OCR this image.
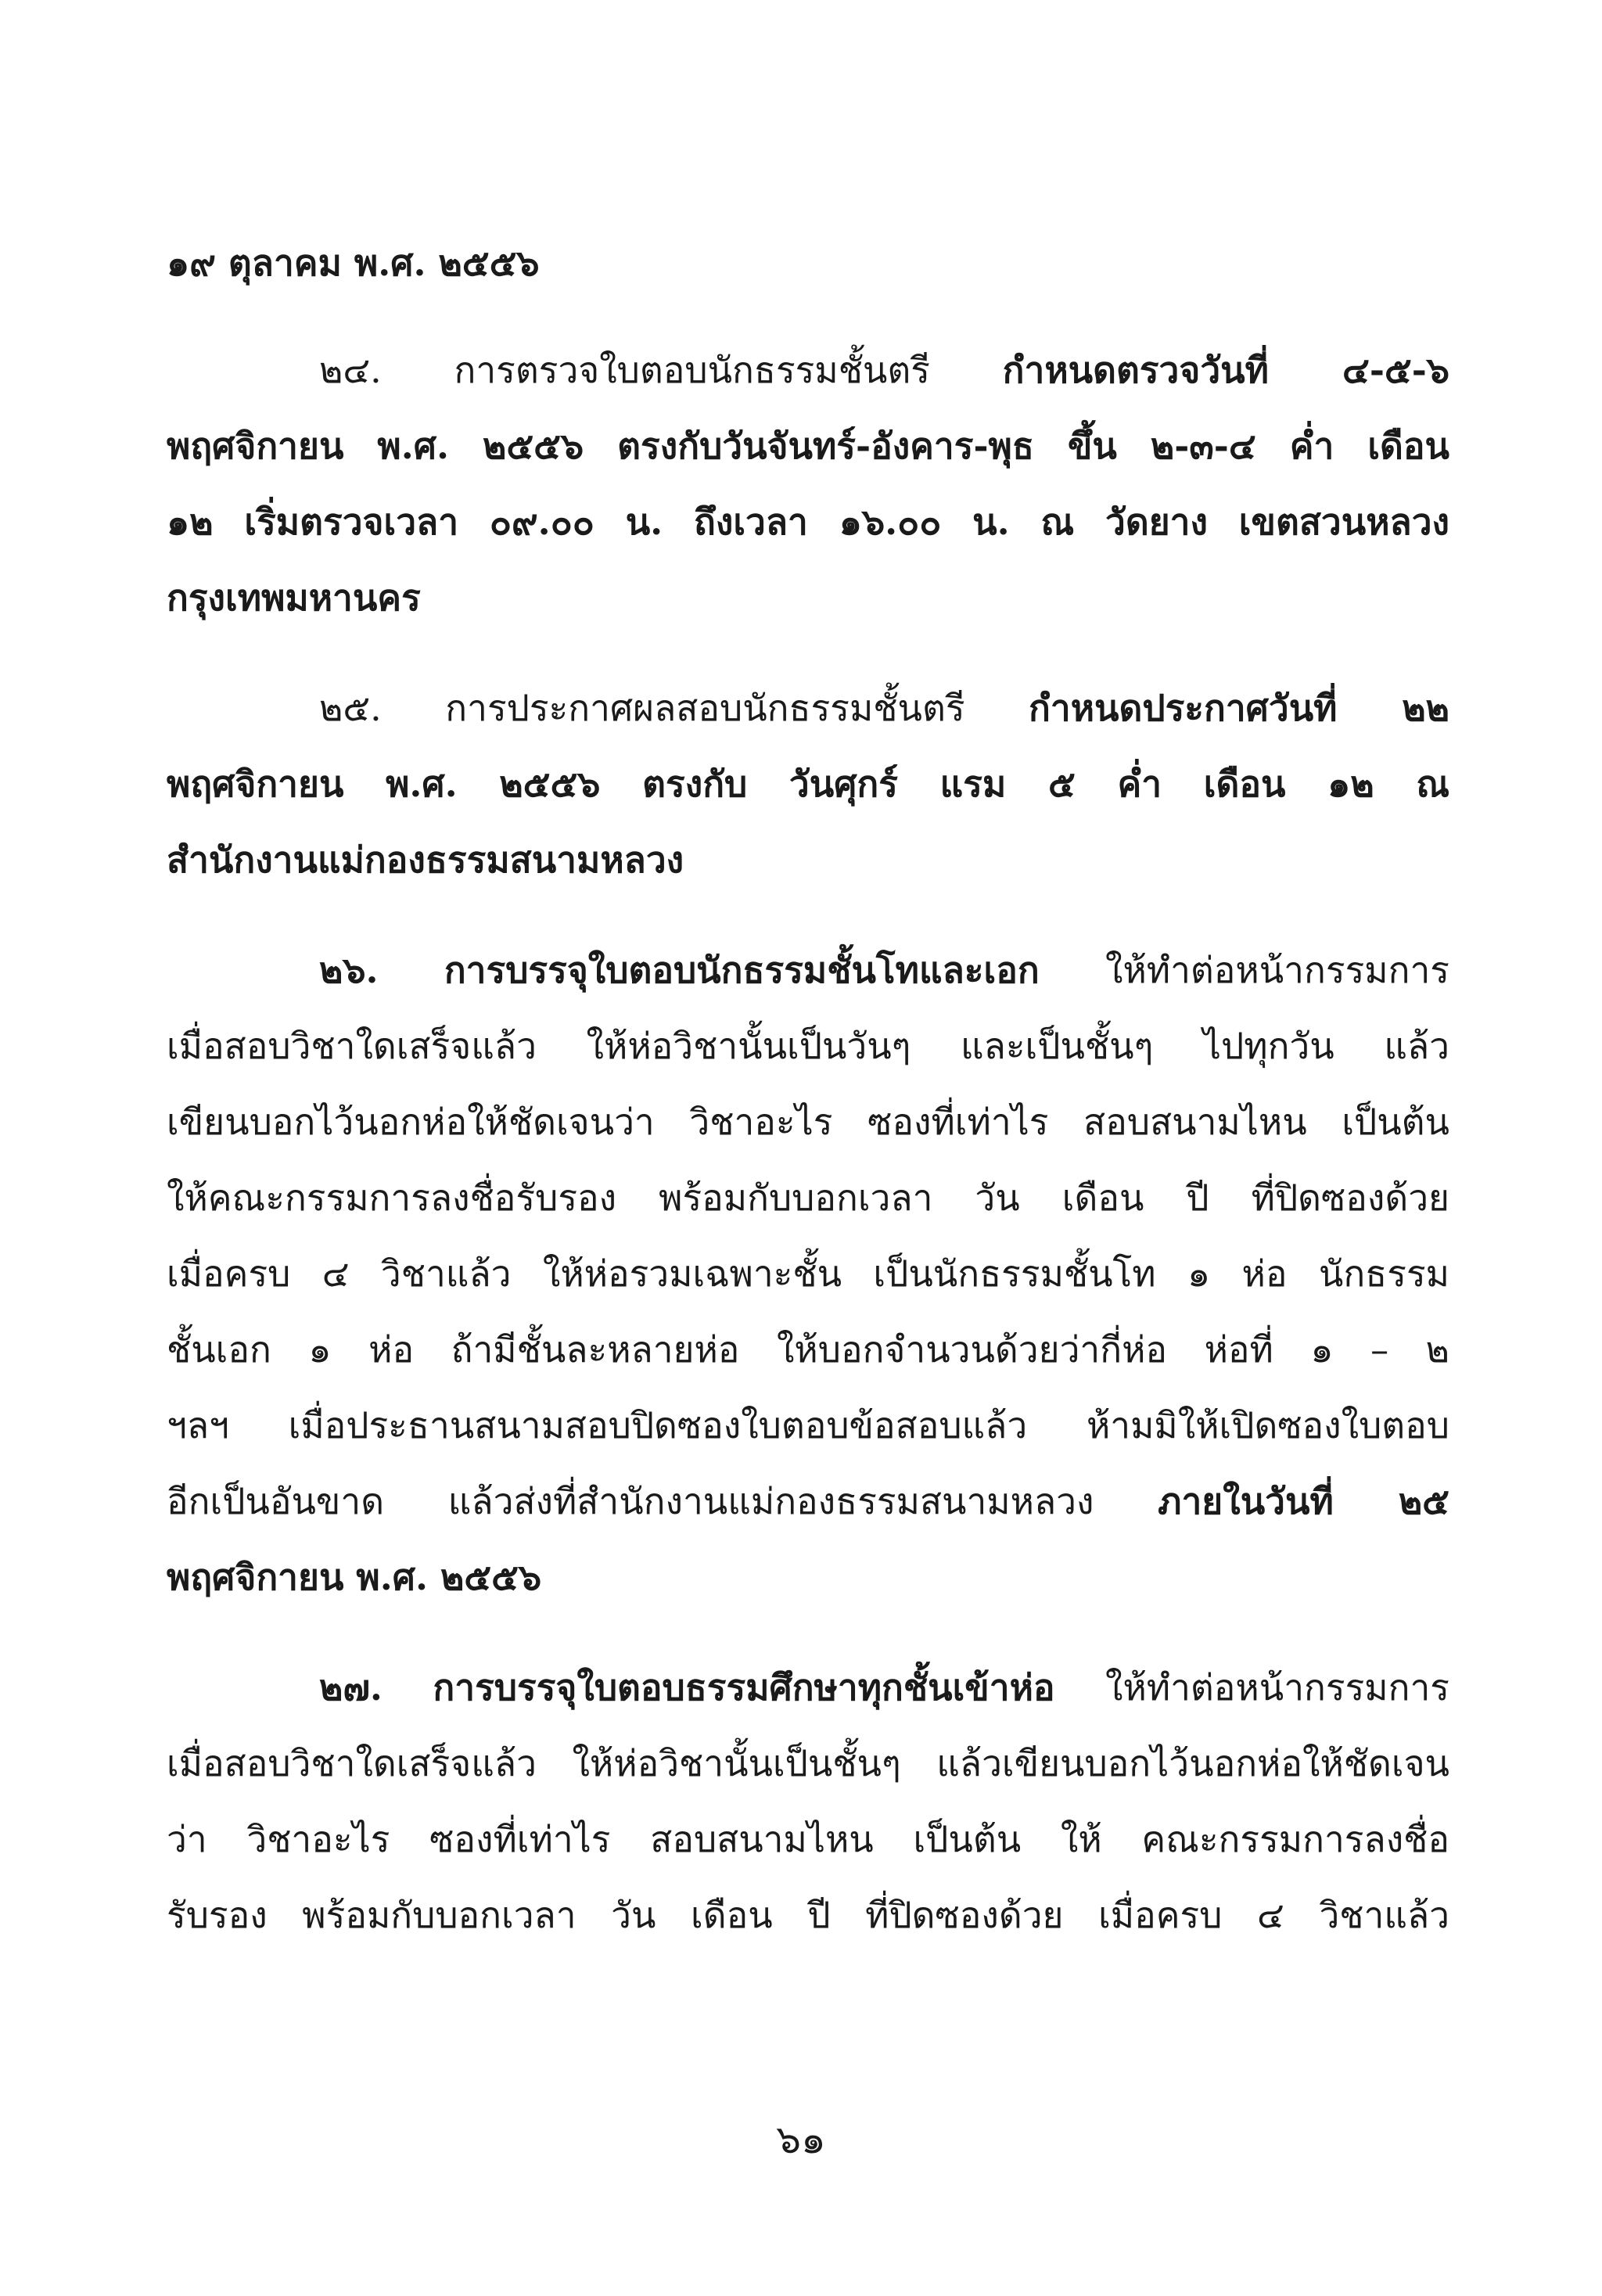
๑๙ ตุลาคม พ.ศ. ๒๕๕๖
๒๔. การตรวจใบตอบนักธรรมชั้นตรี กำหนดตรวจวันที่ ๔-๕-๖
พฤศจิกายน พ.ศ. ๒๕๕๖ ตรงกับวันจันทร์-อังคาร-พุธ ขึ้น ๒-๓-๔ ค่ำ เดือน
๑๒ เริ่มตรวจเวลา ๐๙.๐๐ น. ถึงเวลา ๑๖.๐๐ น. ณ วัดยาง เขตสวนหลวง
กรุงเทพมหานคร
๒๕. การประกาศผลสอบนักธรรมชั้นตรี กำหนดประกาศวันที่ ๒๒
พฤศจิกายน พ.ศ. ๒๕๕๖ ตรงกับ วันศุกร์ แรม ๕ ค่ำ เดือน ๑๒ ณ
สำนักงานแม่กองธรรมสนามหลวง
๒๖. การบรรจุใบตอบนักธรรมชั้นโทและเอก ให้ทำต่อหน้ากรรมการ
เมื่อสอบวิชาใดเสร็จแล้ว ให้ห่อวิชานั้นเป็นวันๆ และเป็นชั้นๆ ไปทุกวัน แล้ว
เขียนบอกไว้นอกห่อให้ชัดเจนว่า วิชาอะไร ซองที่เท่าไร สอบสนามไหน เป็นต้น
ให้คณะกรรมการลงชื่อรับรอง พร้อมกับบอกเวลา วัน เดือน ปี ที่ปิดซองด้วย
เมื่อครบ ๔ วิชาแล้ว ให้ห่อรวมเฉพาะชั้น เป็นนักธรรมชั้นโท ๑ ห่อ นักธรรม
ชั้นเอก ๑ ห่อ ถ้ามีชั้นละหลายห่อ ให้บอกจำนวนด้วยว่ากี่ห่อ ห่อที่ ๑ – ๒
ฯลฯ เมื่อประธานสนามสอบปิดซองใบตอบข้อสอบแล้ว ห้ามมิให้เปิดซองใบตอบ
อีกเป็นอันขาด แล้วส่งที่สำนักงานแม่กองธรรมสนามหลวง ภายในวันที่ ๒๕
พฤศจิกายน พ.ศ. ๒๕๕๖
๒๗. การบรรจุใบตอบธรรมศึกษาทุกชั้นเข้าห่อ ให้ทำต่อหน้ากรรมการ
เมื่อสอบวิชาใดเสร็จแล้ว ให้ห่อวิชานั้นเป็นชั้นๆ แล้วเขียนบอกไว้นอกห่อให้ชัดเจน
ว่า วิชาอะไร ซองที่เท่าไร สอบสนามไหน เป็นต้น ให้ คณะกรรมการลงชื่อ
รับรอง พร้อมกับบอกเวลา วัน เดือน ปี ที่ปิดซองด้วย เมื่อครบ ๔ วิชาแล้ว
๖๑
